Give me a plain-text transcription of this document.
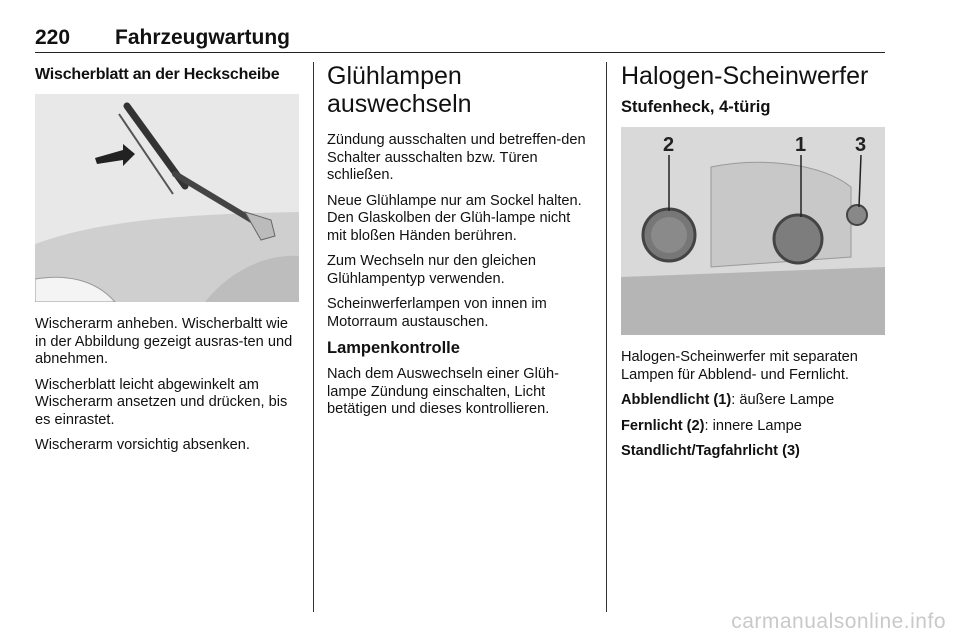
220 Fahrzeugwartung
Wischerblatt an der Heckscheibe

Wischerarm anheben. Wischerbaltt wie in der Abbildung gezeigt ausras-ten und abnehmen.

Wischerblatt leicht abgewinkelt am Wischerarm ansetzen und drücken, bis es einrastet.

Wischerarm vorsichtig absenken.

Glühlampen auswechseln

Zündung ausschalten und betreffen-den Schalter ausschalten bzw. Türen schließen.

Neue Glühlampe nur am Sockel halten. Den Glaskolben der Glüh-lampe nicht mit bloßen Händen berühren.

Zum Wechseln nur den gleichen Glühlampentyp verwenden.

Scheinwerferlampen von innen im Motorraum austauschen.

Lampenkontrolle

Nach dem Auswechseln einer Glüh-lampe Zündung einschalten, Licht betätigen und dieses kontrollieren.

Halogen-Scheinwerfer
Stufenheck, 4-türig
2	1 3

Halogen-Scheinwerfer mit separaten Lampen für Abblend- und Fernlicht.

Abblendlicht (1): äußere Lampe

Fernlicht (2): innere Lampe

Standlicht/Tagfahrlicht (3)

carmanualsonline.info
